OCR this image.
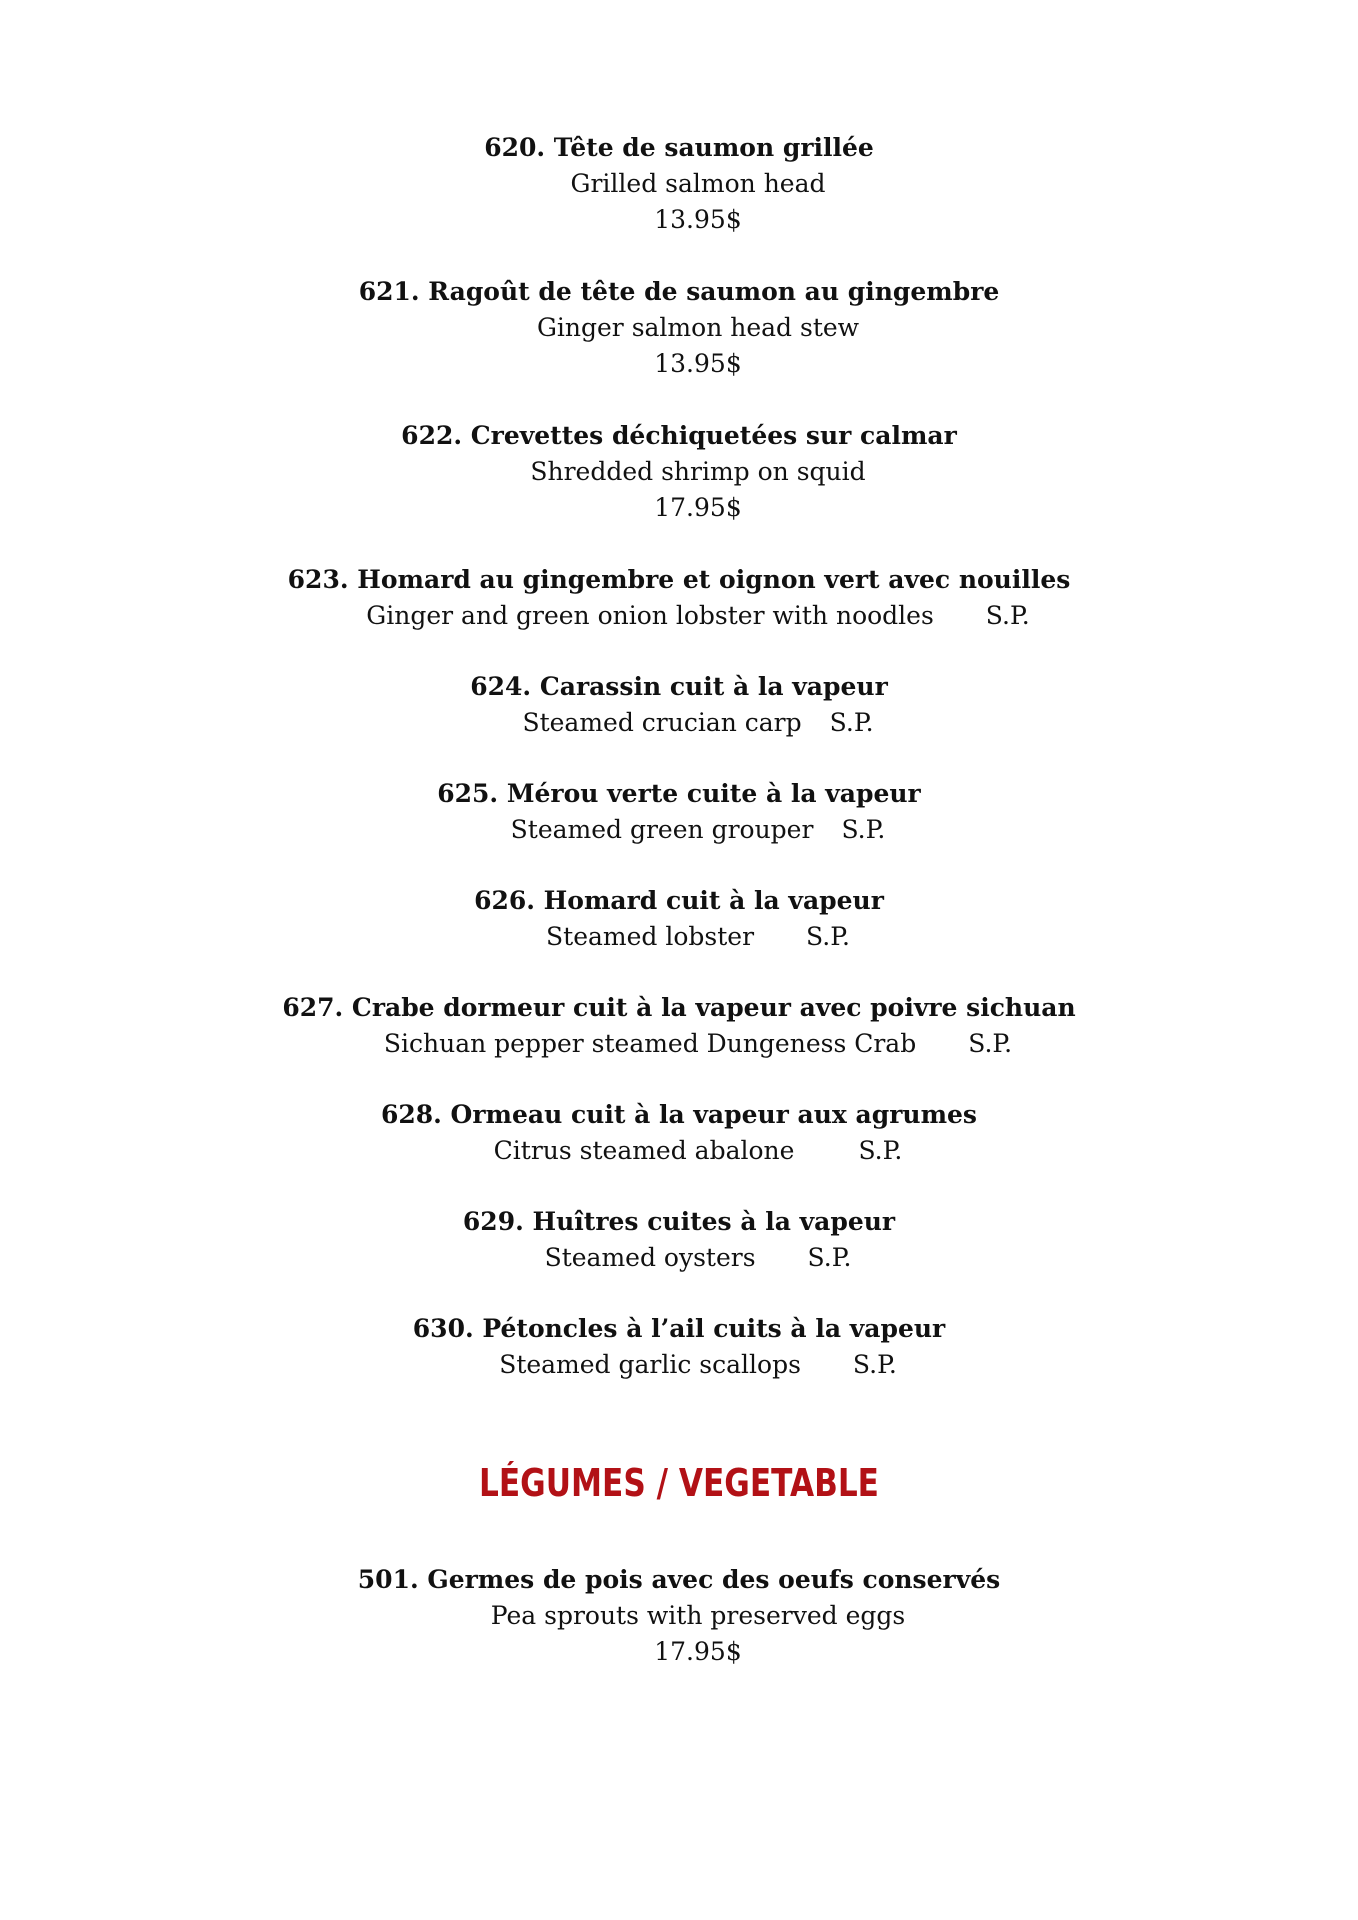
620. Tête de saumon grillée
Grilled salmon head
13.95$
621. Ragoût de tête de saumon au gingembre
Ginger salmon head stew
13.95$
622. Crevettes déchiquetées sur calmar
Shredded shrimp on squid
17.95$
623. Homard au gingembre et oignon vert avec nouilles
Ginger and green onion lobster with noodles S.P.
624. Carassin cuit à la vapeur
Steamed crucian carp S.P.
625. Mérou verte cuite à la vapeur
Steamed green grouper S.P.
626. Homard cuit à la vapeur
Steamed lobster S.P.
627. Crabe dormeur cuit à la vapeur avec poivre sichuan
Sichuan pepper steamed Dungeness Crab S.P.
628. Ormeau cuit à la vapeur aux agrumes
Citrus steamed abalone	S.P.
629. Huîtres cuites à la vapeur
Steamed oysters S.P.
630. Pétoncles à l’ail cuits à la vapeur
Steamed garlic scallops S.P.
LÉGUMES / VEGETABLE
501. Germes de pois avec des oeufs conservés
Pea sprouts with preserved eggs
17.95$
